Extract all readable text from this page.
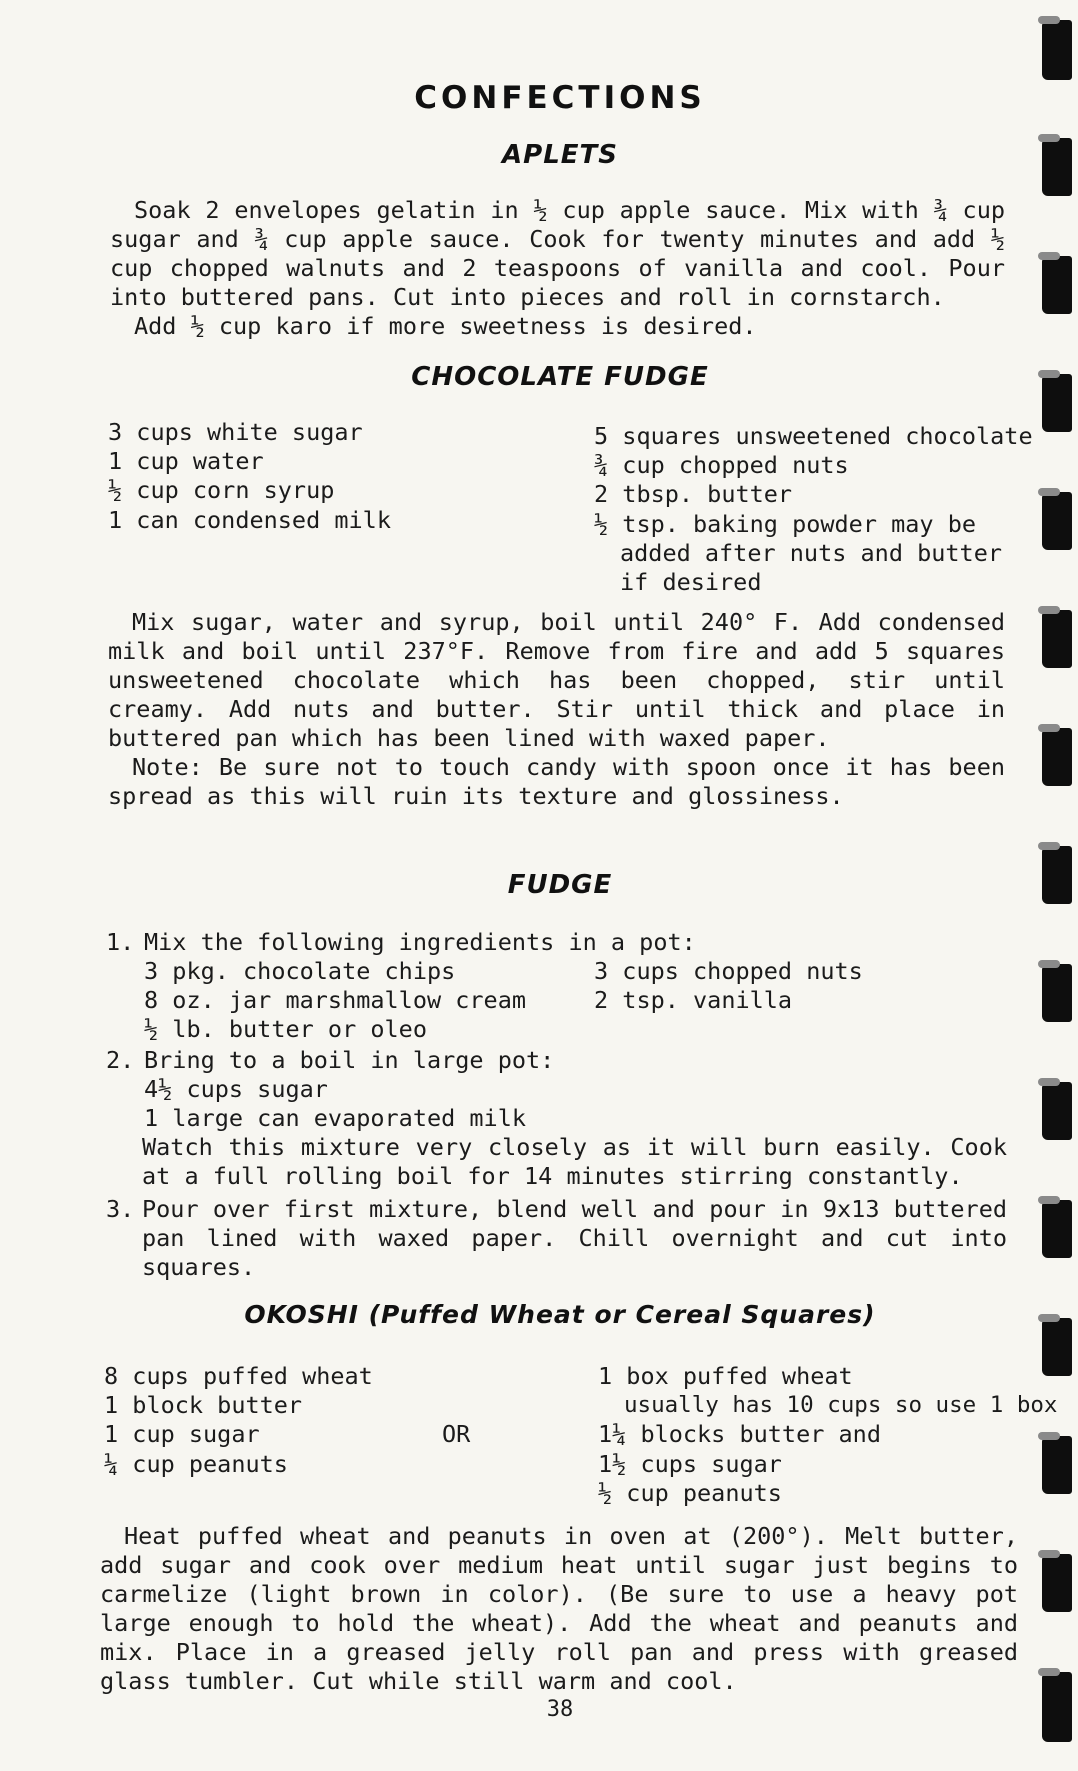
CONFECTIONS
APLETS

Soak 2 envelopes gelatin in ½ cup apple sauce. Mix with ¾ cup sugar and ¾ cup apple sauce. Cook for twenty minutes and add ½ cup chopped walnuts and 2 teaspoons of vanilla and cool. Pour into buttered pans. Cut into pieces and roll in cornstarch.

Add ½ cup karo if more sweetness is desired.

CHOCOLATE FUDGE
3 cups white sugar
1 cup water
½ cup corn syrup
1 can condensed milk
5 squares unsweetened chocolate
¾ cup chopped nuts
2 tbsp. butter
½ tsp. baking powder may be
added after nuts and butter
if desired

Mix sugar, water and syrup, boil until 240° F. Add condensed milk and boil until 237°F. Remove from fire and add 5 squares unsweetened chocolate which has been chopped, stir until creamy. Add nuts and butter. Stir until thick and place in buttered pan which has been lined with waxed paper.

Note: Be sure not to touch candy with spoon once it has been spread as this will ruin its texture and glossiness.

FUDGE
1. Mix the following ingredients in a pot:
3 pkg. chocolate chips
8 oz. jar marshmallow cream
½ lb. butter or oleo
3 cups chopped nuts
2 tsp. vanilla
2. Bring to a boil in large pot:
4½ cups sugar
1 large can evaporated milk

Watch this mixture very closely as it will burn easily. Cook at a full rolling boil for 14 minutes stirring constantly.

3. Pour over first mixture, blend well and pour in 9x13 buttered pan lined with waxed paper. Chill overnight and cut into squares.

OKOSHI (Puffed Wheat or Cereal Squares)
8 cups puffed wheat
1 block butter
1 cup sugar
¼ cup peanuts
OR
1 box puffed wheat
usually has 10 cups so use 1 box
1¼ blocks butter and
1½ cups sugar
½ cup peanuts

Heat puffed wheat and peanuts in oven at (200°). Melt butter, add sugar and cook over medium heat until sugar just begins to carmelize (light brown in color). (Be sure to use a heavy pot large enough to hold the wheat). Add the wheat and peanuts and mix. Place in a greased jelly roll pan and press with greased glass tumbler. Cut while still warm and cool.

38
